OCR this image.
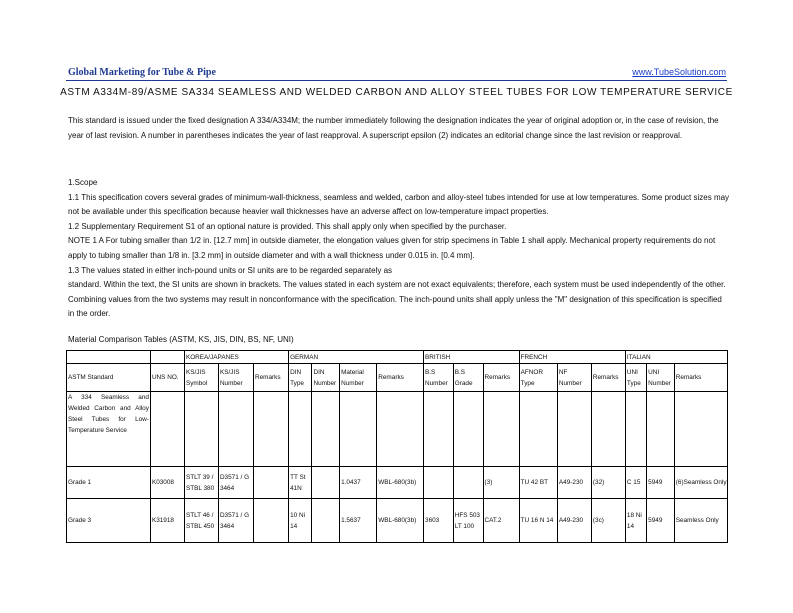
Global Marketing for Tube & Pipe	www.TubeSolution.com
ASTM A334M-89/ASME SA334 SEAMLESS AND WELDED CARBON AND ALLOY STEEL TUBES FOR LOW TEMPERATURE SERVICE
This standard is issued under the fixed designation A 334/A334M; the number immediately following the designation indicates the year of original adoption or, in the case of revision, the year of last revision. A number in parentheses indicates the year of last reapproval. A superscript epsilon (2) indicates an editorial change since the last revision or reapproval.
1.Scope
1.1 This specification covers several grades of minimum-wall-thickness, seamless and welded, carbon and alloy-steel tubes intended for use at low temperatures. Some product sizes may not be available under this specification because heavier wall thicknesses have an adverse affect on low-temperature impact properties.
1.2 Supplementary Requirement S1 of an optional nature is provided. This shall apply only when specified by the purchaser.
NOTE 1 A For tubing smaller than 1/2 in. [12.7 mm] in outside diameter, the elongation values given for strip specimens in Table 1 shall apply. Mechanical property requirements do not apply to tubing smaller than 1/8 in. [3.2 mm] in outside diameter and with a wall thickness under 0.015 in. [0.4 mm].
1.3 The values stated in either inch-pound units or SI units are to be regarded separately as
standard. Within the text, the SI units are shown in brackets. The values stated in each system are not exact equivalents; therefore, each system must be used independently of the other. Combining values from the two systems may result in nonconformance with the specification. The inch-pound units shall apply unless the "M" designation of this specification is specified in the order.
Material Comparison Tables (ASTM, KS, JIS, DIN, BS, NF, UNI)
		KOREA/JAPANES			GERMAN				BRITISH			FRENCH			ITALIAN		
ASTM Standard	UNS NO.	KS/JIS Symbol	KS/JIS Number	Remarks	DIN Type	DIN Number	Material Number	Remarks	B.S Number	B.S Grade	Remarks	AFNOR Type	NF Number	Remarks	UNI Type	UNI Number	Remarks
A 334 Seamless and Welded Carbon and Alloy Steel Tubes for Low-Temperature Service																	
Grade 1	K03008	STLT 39 / STBL 380	D3571 / G 3464		TT St 41N		1.0437	WBL-680(3b)			(3)	TU 42 BT	A49-230	(32)	C 15	5949	(6)Seamless Only
Grade 3	K31918	STLT 46 / STBL 450	D3571 / G 3464		10 Ni 14		1.5637	WBL-680(3b)	3603	HFS 503 LT 100	CAT.2	TU 16 N 14	A49-230	(3c)	18 Ni 14	5949	Seamless Only
